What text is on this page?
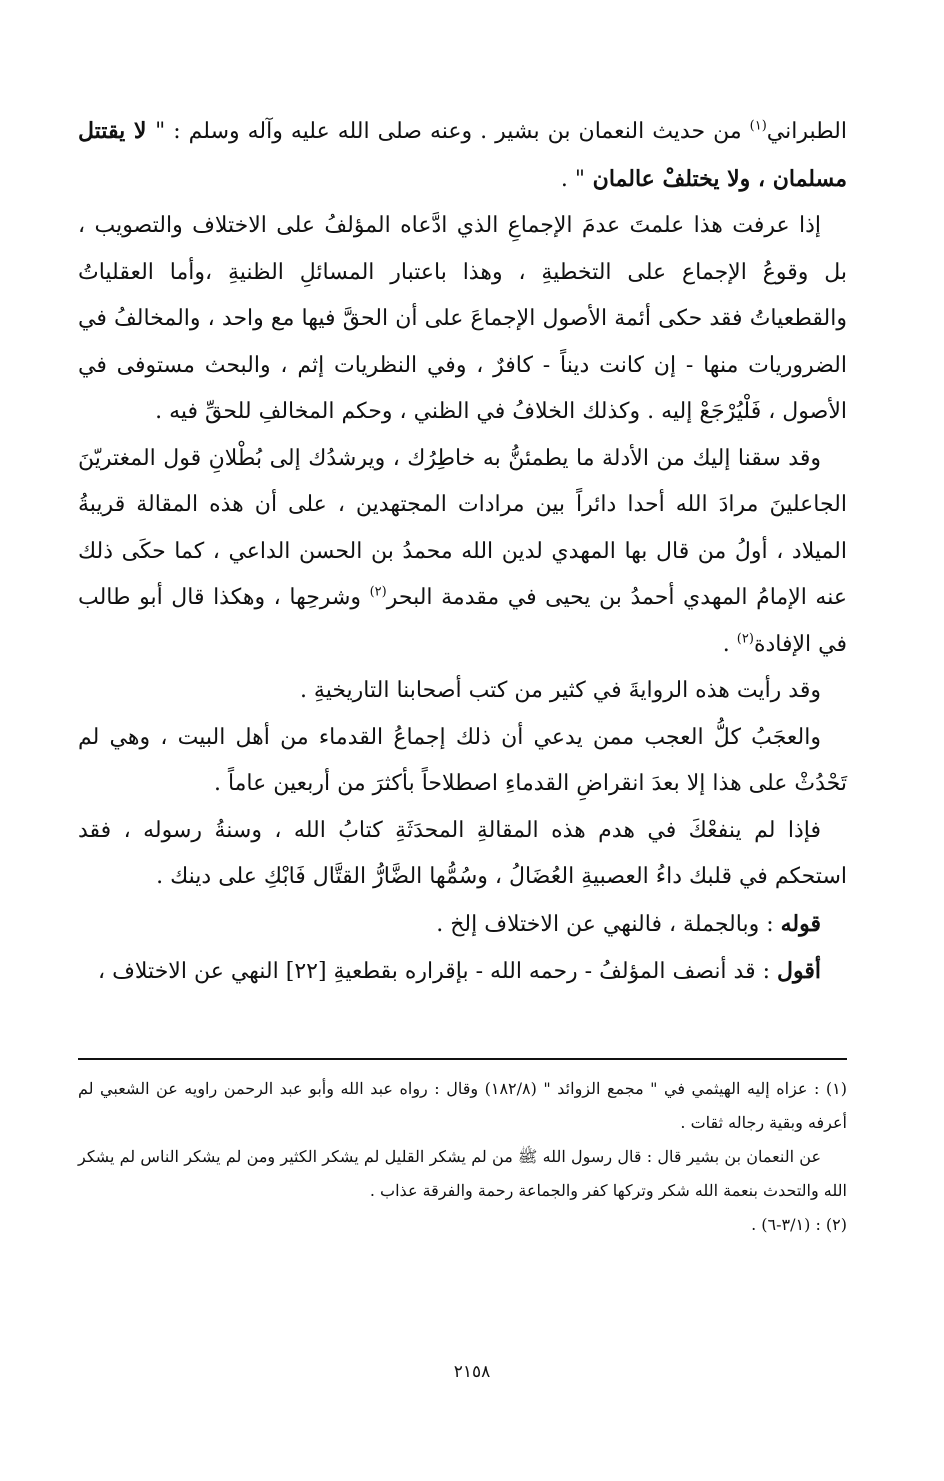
الطبراني$^{(١)}$ من حديث النعمان بن بشير . وعنه صلى الله عليه وآله وسلم : " لا يقتتل مسلمان ، ولا يختلفْ عالمان " .

إذا عرفت هذا علمتَ عدمَ الإجماعِ الذي ادَّعاه المؤلفُ على الاختلاف والتصويب ، بل وقوعُ الإجماع على التخطيةِ ، وهذا باعتبار المسائلِ الظنيةِ ،وأما العقلياتُ والقطعياتُ فقد حكى أئمة الأصول الإجماعَ على أن الحقَّ فيها مع واحد ، والمخالفُ في الضروريات منها - إن كانت ديناً - كافرٌ ، وفي النظريات إثم ، والبحث مستوفى في الأصول ، فَلْيُرْجَعْ إليه . وكذلك الخلافُ في الظني ، وحكم المخالفِ للحقِّ فيه .

وقد سقنا إليك من الأدلة ما يطمئنُّ به خاطِرُك ، ويرشدُك إلى بُطْلانِ قول المغتريّنَ الجاعلينَ مرادَ الله أحدا دائراً بين مرادات المجتهدين ، على أن هذه المقالة قريبةُ الميلاد ، أولُ من قال بها المهدي لدين الله محمدُ بن الحسن الداعي ، كما حكَى ذلك عنه الإمامُ المهدي أحمدُ بن يحيى في مقدمة البحر$^{(٢)}$ وشرحِها ، وهكذا قال أبو طالب في الإفادة$^{(٢)}$ .

وقد رأيت هذه الروايةَ في كثير من كتب أصحابنا التاريخيةِ .

والعجَبُ كلُّ العجب ممن يدعي أن ذلك إجماعُ القدماء من أهل البيت ، وهي لم تَحْدُثْ على هذا إلا بعدَ انقراضِ القدماءِ اصطلاحاً بأكثرَ من أربعين عاماً .

فإذا لم ينفعْكَ في هدم هذه المقالةِ المحدَثَةِ كتابُ الله ، وسنةُ رسوله ، فقد استحكم في قلبك داءُ العصبيةِ العُضَالُ ، وسُمُّها الضَّارُّ القتَّال فَابْكِ على دينك .

قوله : وبالجملة ، فالنهي عن الاختلاف إلخ .

أقول : قد أنصف المؤلفُ - رحمه الله - بإقراره بقطعيةِ [٢٢] النهي عن الاختلاف ،

(١) : عزاه إليه الهيثمي في " مجمع الزوائد " (١٨٢/٨) وقال : رواه عبد الله وأبو عبد الرحمن راويه عن الشعبي لم أعرفه وبقية رجاله ثقات .

عن النعمان بن بشير قال : قال رسول الله ﷺ من لم يشكر القليل لم يشكر الكثير ومن لم يشكر الناس لم يشكر الله والتحدث بنعمة الله شكر وتركها كفر والجماعة رحمة والفرقة عذاب .

(٢) : (٣/١-٦) .

٢١٥٨
